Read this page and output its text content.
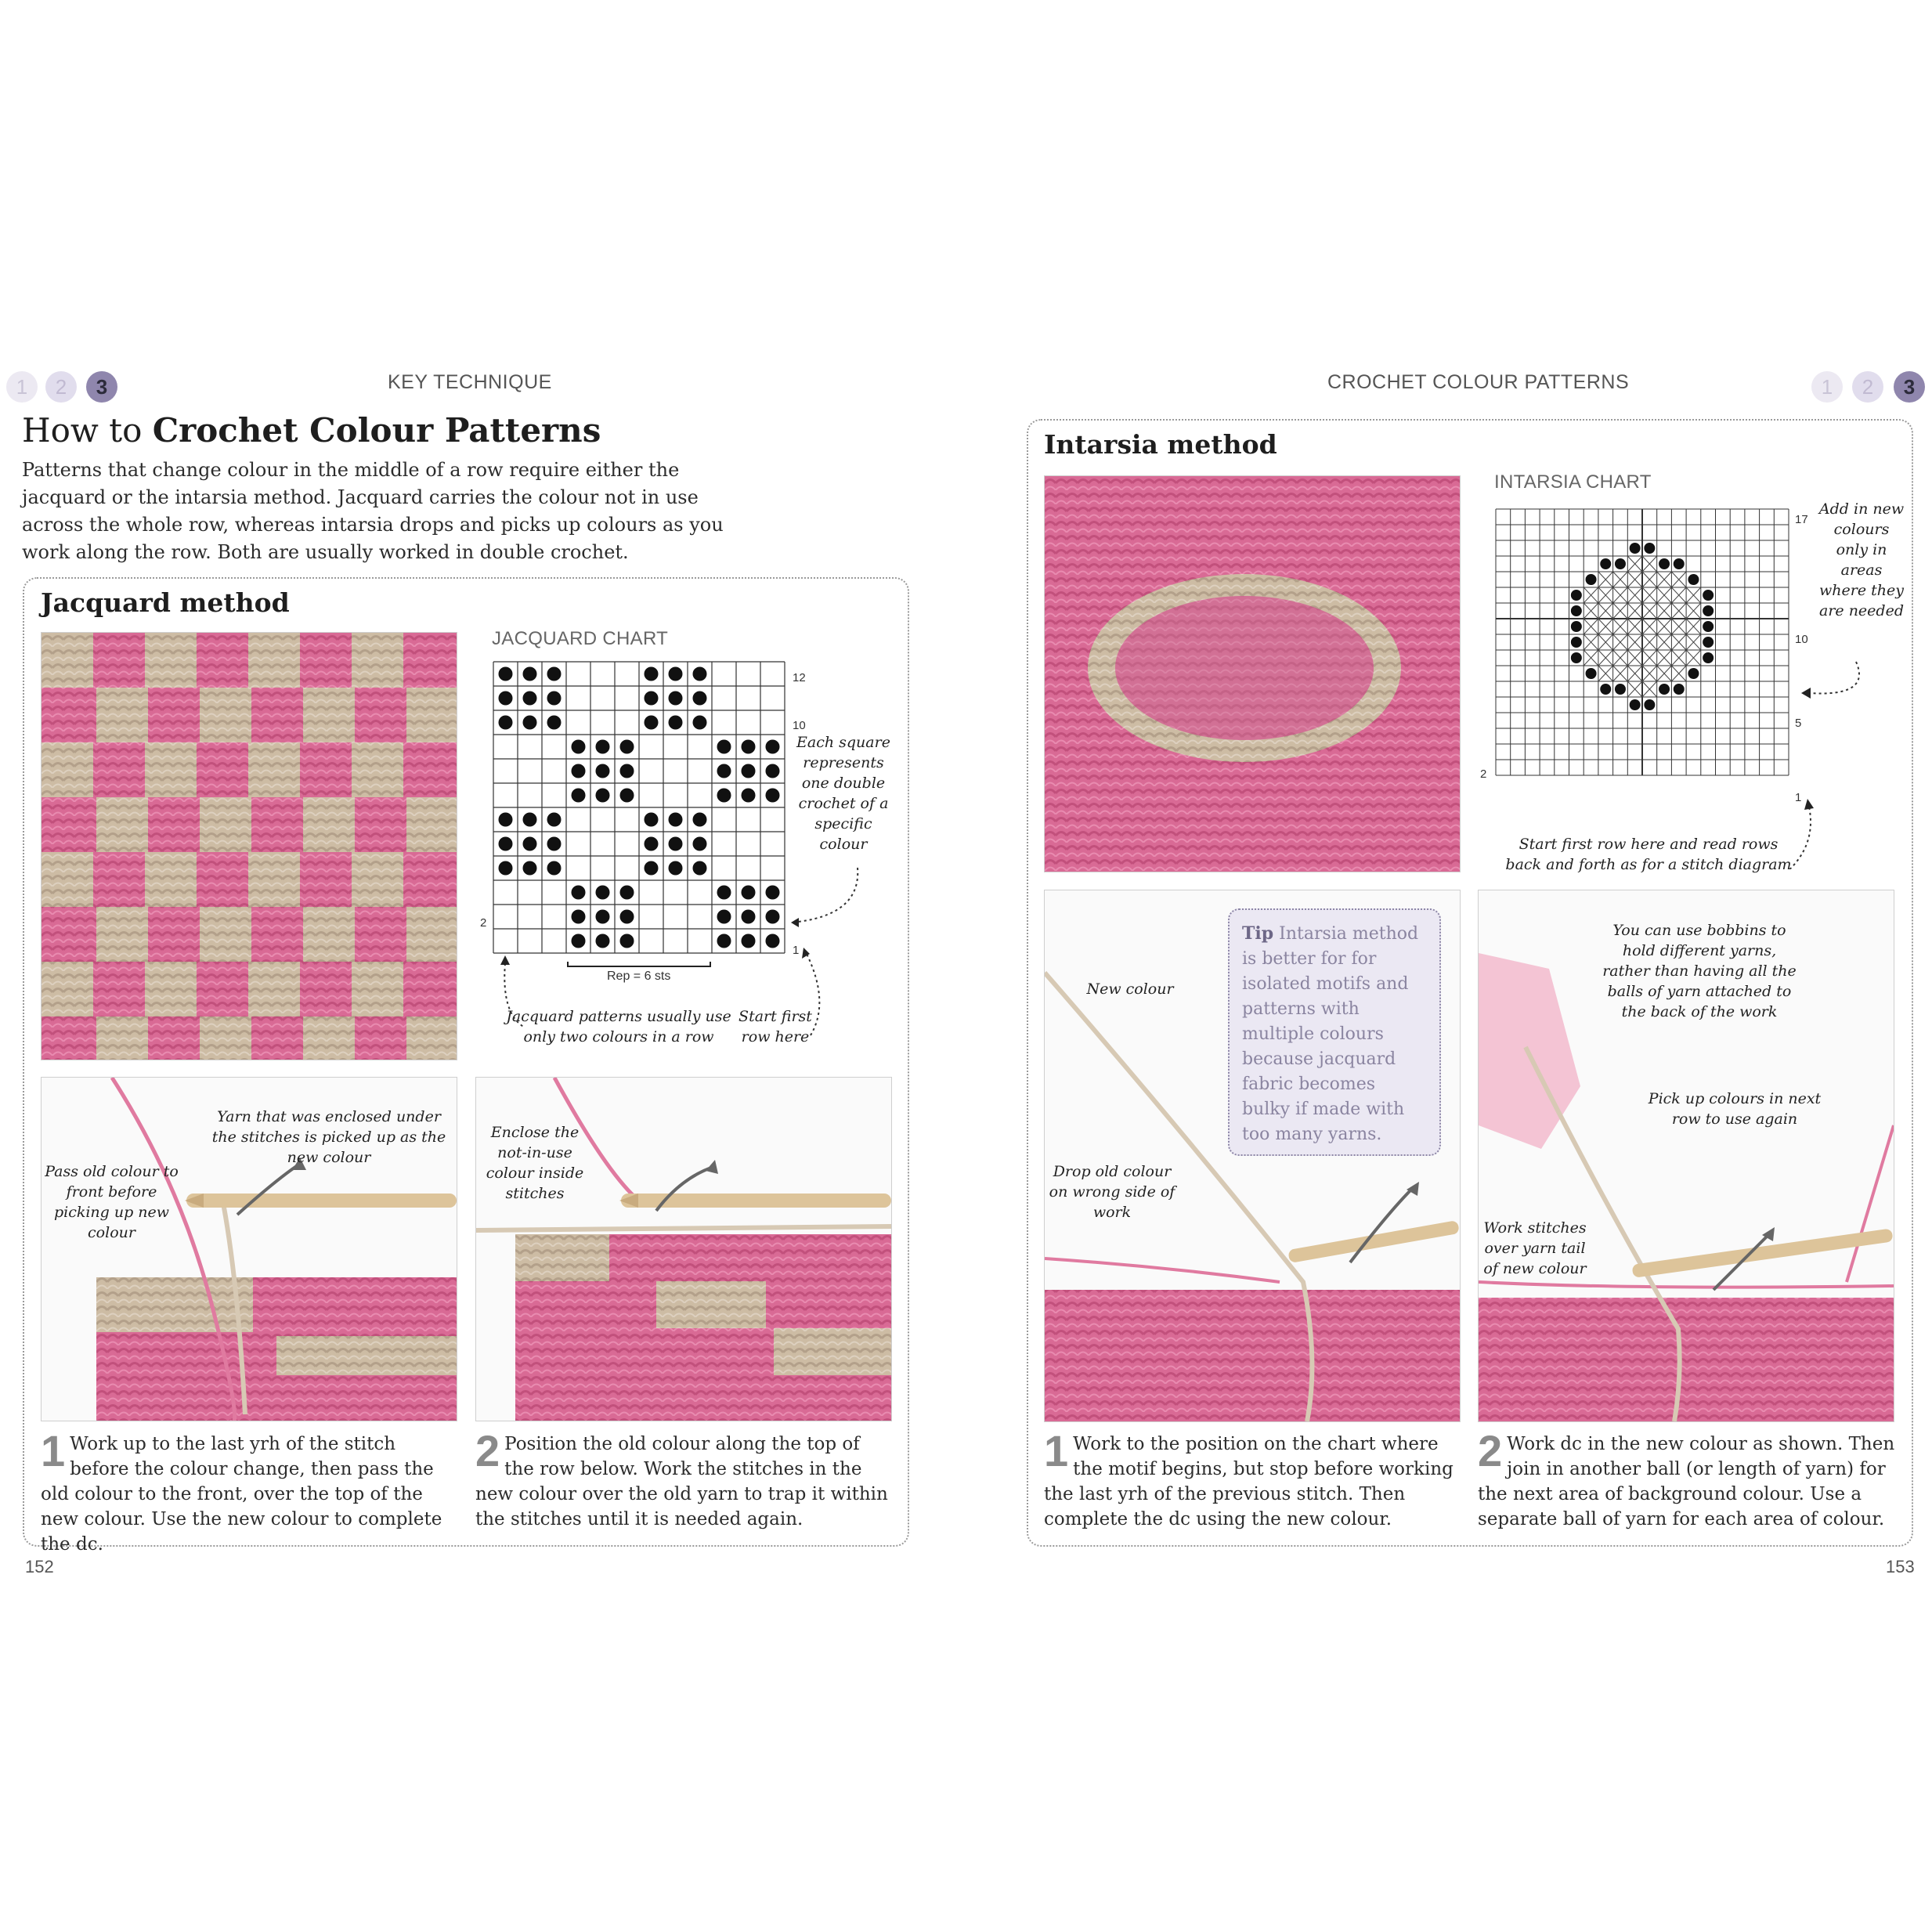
1	2	3	KEY TECHNIQUE
How to Crochet Colour Patterns
Patterns that change colour in the middle of a row require either the jacquard or the intarsia method. Jacquard carries the colour not in use across the whole row, whereas intarsia drops and picks up colours as you work along the row. Both are usually worked in double crochet.
Jacquard method
JACQUARD CHART
12
10
2
1
Rep = 6 sts
Each square represents one double crochet of a specific colour
Jacquard patterns usually use only two colours in a row
Start first row here
Yarn that was enclosed under the stitches is picked up as the new colour
Pass old colour to front before picking up new colour
Enclose the not-in-use colour inside stitches
1 Work up to the last yrh of the stitch before the colour change, then pass the old colour to the front, over the top of the new colour. Use the new colour to complete the dc.
2 Position the old colour along the top of the row below. Work the stitches in the new colour over the old yarn to trap it within the stitches until it is needed again.
152
CROCHET COLOUR PATTERNS	1	2	3
Intarsia method
INTARSIA CHART
17
10
5
2
1
Add in new colours only in areas where they are needed
Start first row here and read rows back and forth as for a stitch diagram
New colour
Drop old colour on wrong side of work
Tip Intarsia method is better for for isolated motifs and patterns with multiple colours because jacquard fabric becomes bulky if made with too many yarns.
You can use bobbins to hold different yarns, rather than having all the balls of yarn attached to the back of the work
Pick up colours in next row to use again
Work stitches over yarn tail of new colour
1 Work to the position on the chart where the motif begins, but stop before working the last yrh of the previous stitch. Then complete the dc using the new colour.
2 Work dc in the new colour as shown. Then join in another ball (or length of yarn) for the next area of background colour. Use a separate ball of yarn for each area of colour.
153
